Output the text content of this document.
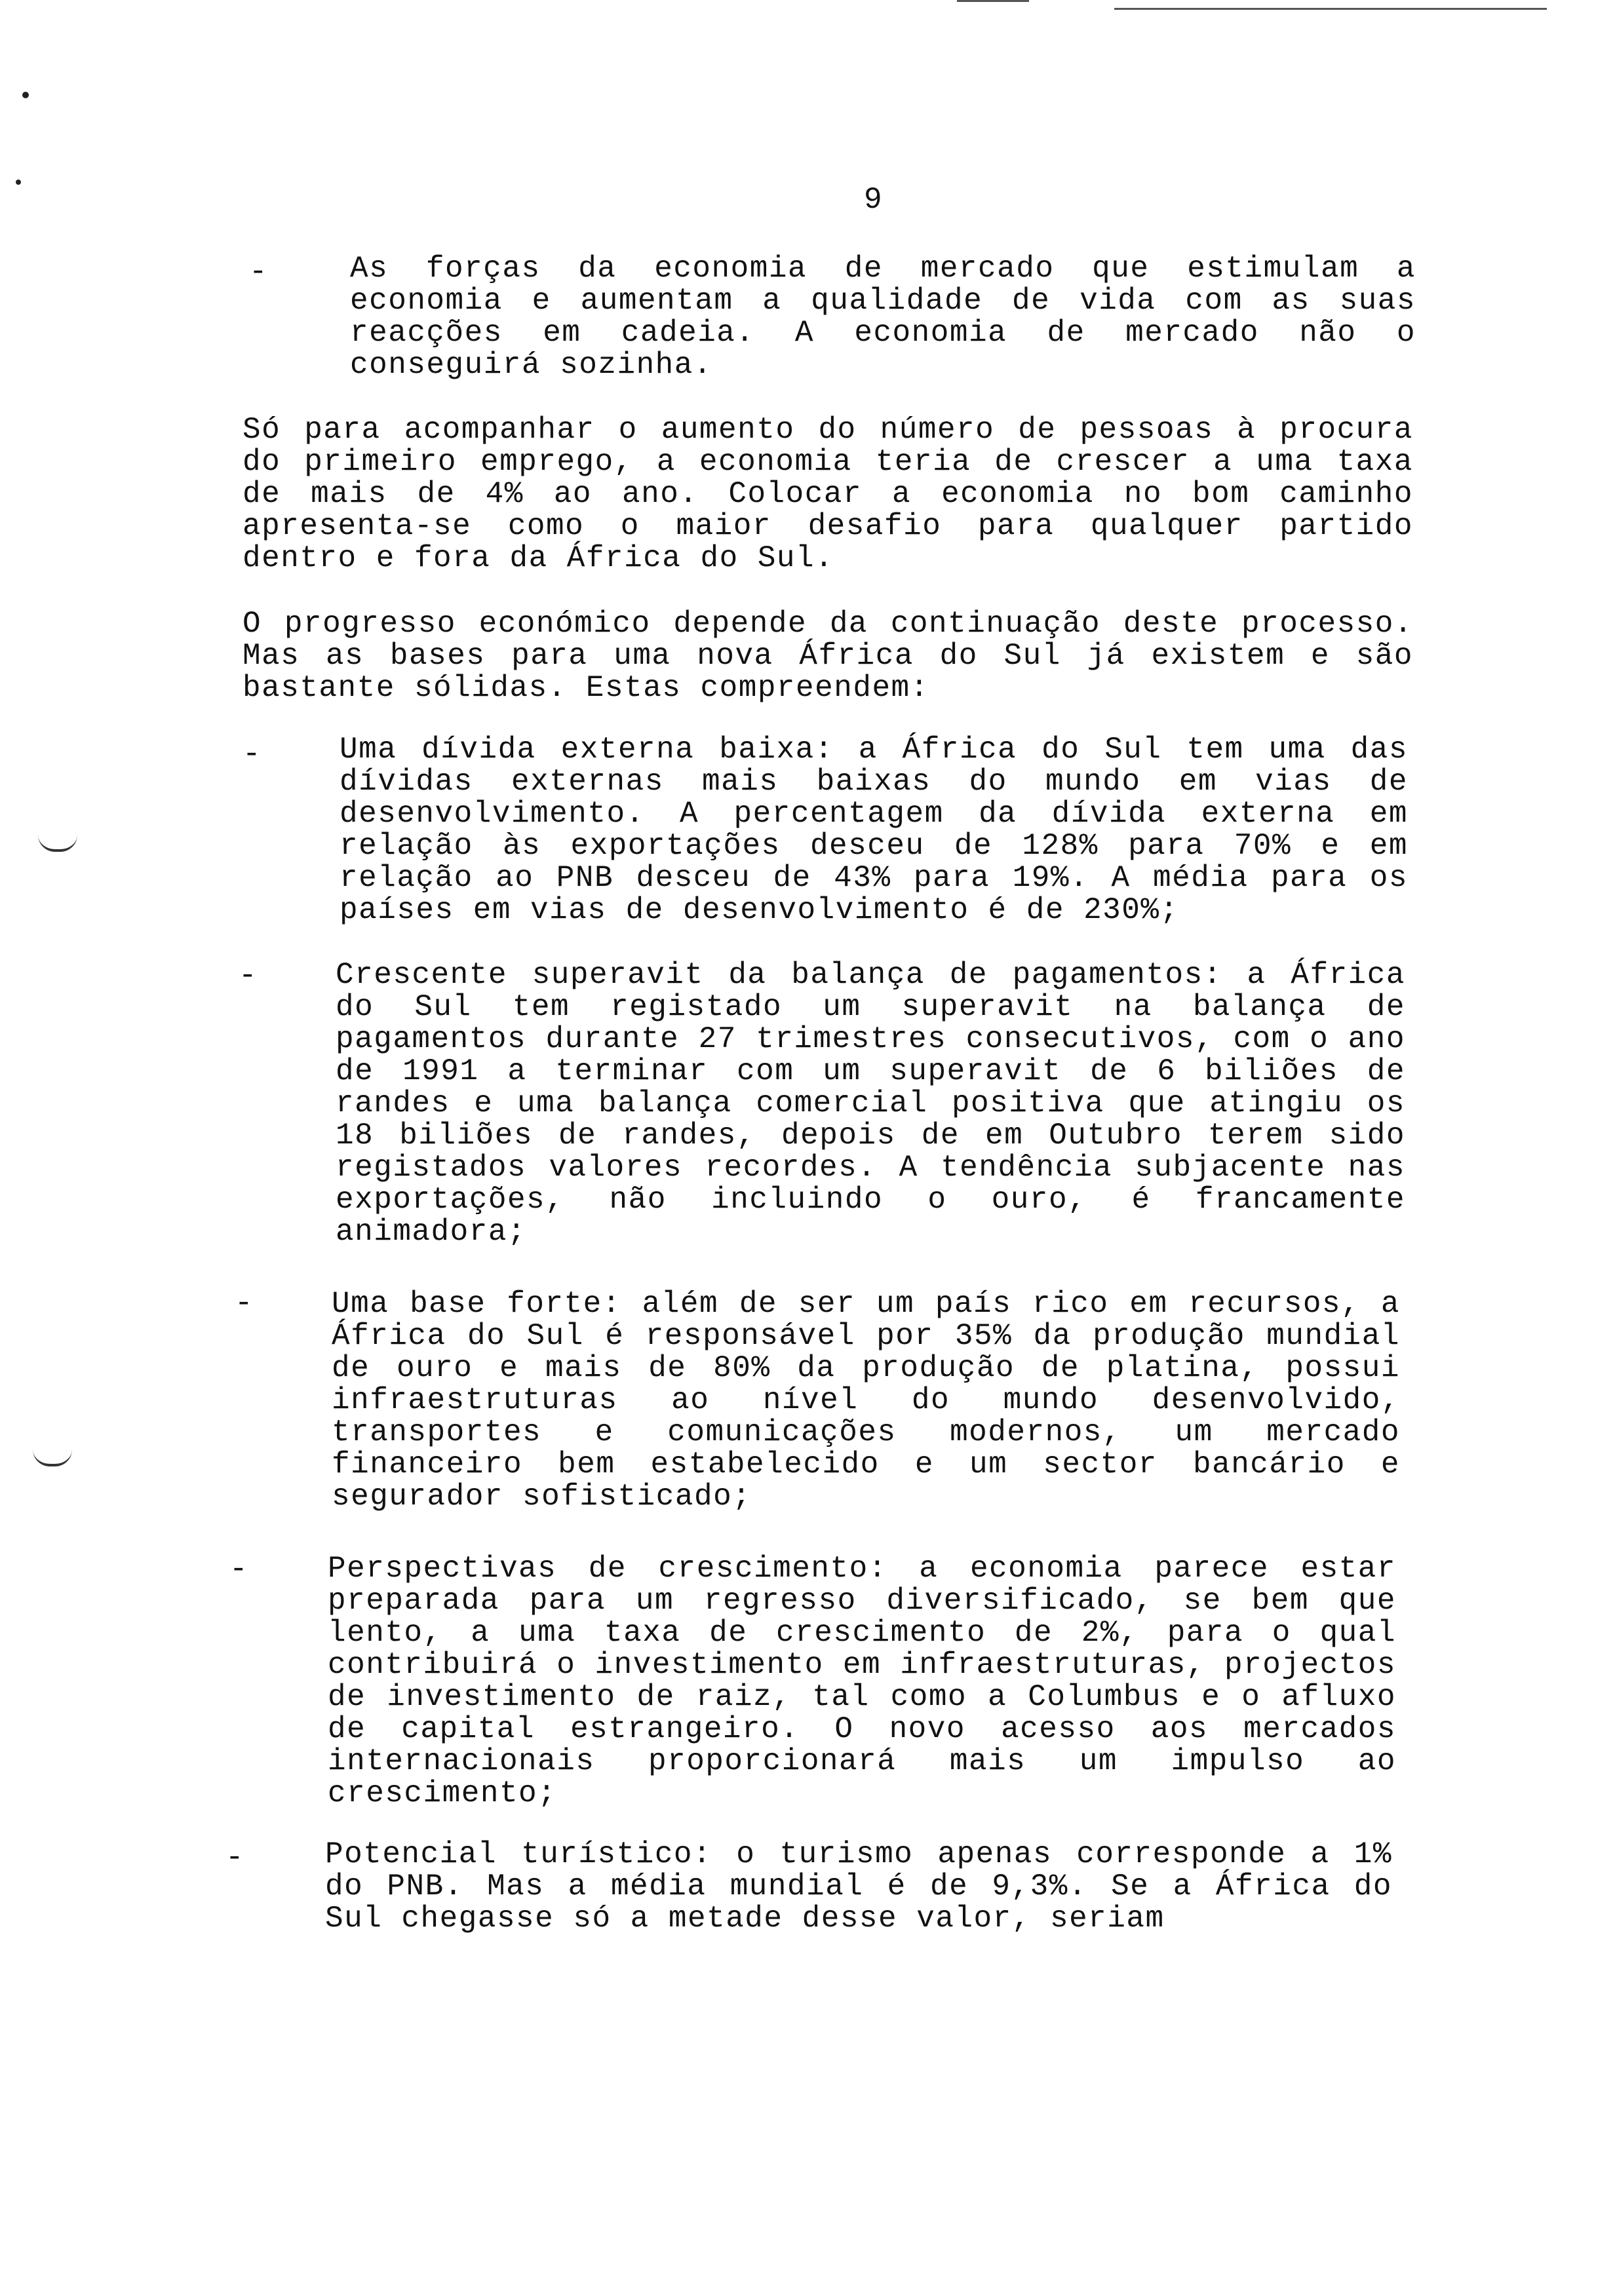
9
-	As forças da economia de mercado que estimulam a economia e aumentam a qualidade de vida com as suas reacções em cadeia. A economia de mercado não o conseguirá sozinha.

Só para acompanhar o aumento do número de pessoas à procura do primeiro emprego, a economia teria de crescer a uma taxa de mais de 4% ao ano. Colocar a economia no bom caminho apresenta-se como o maior desafio para qualquer partido dentro e fora da África do Sul.

O progresso económico depende da continuação deste processo. Mas as bases para uma nova África do Sul já existem e são bastante sólidas. Estas compreendem:

-	Uma dívida externa baixa: a África do Sul tem uma das dívidas externas mais baixas do mundo em vias de desenvolvimento. A percentagem da dívida externa em relação às exportações desceu de 128% para 70% e em relação ao PNB desceu de 43% para 19%. A média para os países em vias de desenvolvimento é de 230%;

-	Crescente superavit da balança de pagamentos: a África do Sul tem registado um superavit na balança de pagamentos durante 27 trimestres consecutivos, com o ano de 1991 a terminar com um superavit de 6 biliões de randes e uma balança comercial positiva que atingiu os 18 biliões de randes, depois de em Outubro terem sido registados valores recordes. A tendência subjacente nas exportações, não incluindo o ouro, é francamente animadora;

-	Uma base forte: além de ser um país rico em recursos, a África do Sul é responsável por 35% da produção mundial de ouro e mais de 80% da produção de platina, possui infraestruturas ao nível do mundo desenvolvido, transportes e comunicações modernos, um mercado financeiro bem estabelecido e um sector bancário e segurador sofisticado;

-	Perspectivas de crescimento: a economia parece estar preparada para um regresso diversificado, se bem que lento, a uma taxa de crescimento de 2%, para o qual contribuirá o investimento em infraestruturas, projectos de investimento de raiz, tal como a Columbus e o afluxo de capital estrangeiro. O novo acesso aos mercados internacionais proporcionará mais um impulso ao crescimento;

-	Potencial turístico: o turismo apenas corresponde a 1% do PNB. Mas a média mundial é de 9,3%. Se a África do Sul chegasse só a metade desse valor, seriam
